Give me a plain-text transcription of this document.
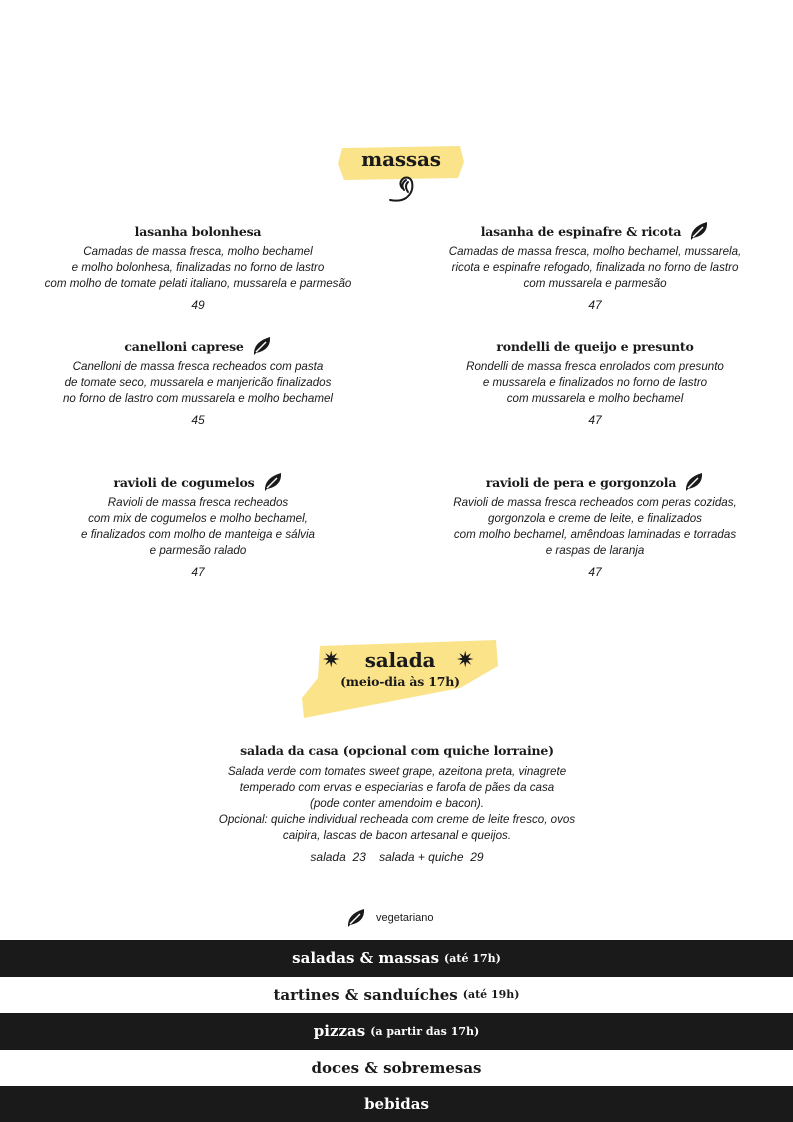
massas
lasanha bolonhesa
Camadas de massa fresca, molho bechamel
e molho bolonhesa, finalizadas no forno de lastro
com molho de tomate pelati italiano, mussarela e parmesão
49
lasanha de espinafre & ricota
Camadas de massa fresca, molho bechamel, mussarela,
ricota e espinafre refogado, finalizada no forno de lastro
com mussarela e parmesão
47
canelloni caprese
Canelloni de massa fresca recheados com pasta
de tomate seco, mussarela e manjericão finalizados
no forno de lastro com mussarela e molho bechamel
45
rondelli de queijo e presunto
Rondelli de massa fresca enrolados com presunto
e mussarela e finalizados no forno de lastro
com mussarela e molho bechamel
47
ravioli de cogumelos
Ravioli de massa fresca recheados
com mix de cogumelos e molho bechamel,
e finalizados com molho de manteiga e sálvia
e parmesão ralado
47
ravioli de pera e gorgonzola
Ravioli de massa fresca recheados com peras cozidas,
gorgonzola e creme de leite, e finalizados
com molho bechamel, amêndoas laminadas e torradas
e raspas de laranja
47
✷	✷
salada
(meio-dia às 17h)
salada da casa (opcional com quiche lorraine)
Salada verde com tomates sweet grape, azeitona preta, vinagrete
temperado com ervas e especiarias e farofa de pães da casa
(pode conter amendoim e bacon).
Opcional: quiche individual recheada com creme de leite fresco, ovos
caipira, lascas de bacon artesanal e queijos.
salada  23    salada + quiche  29
vegetariano
saladas & massas (até 17h)
tartines & sanduíches (até 19h)
pizzas (a partir das 17h)
doces & sobremesas
bebidas
